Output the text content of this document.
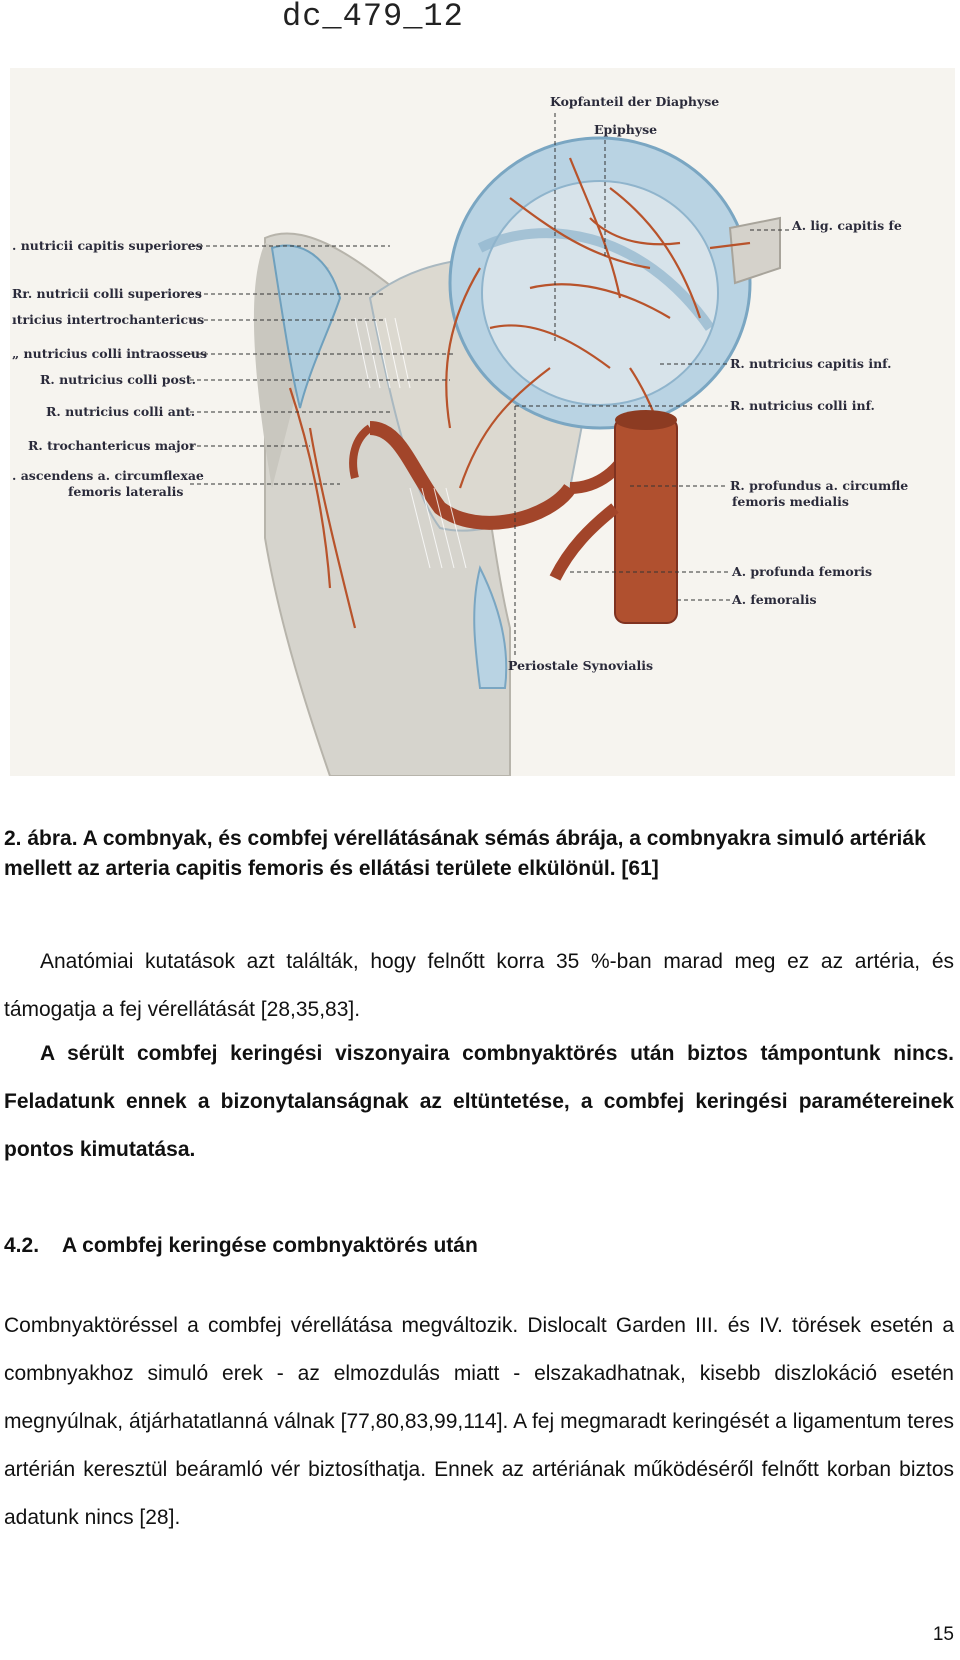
dc_479_12
. nutricii capitis superiores
Rr. nutricii colli superiores
ıtricius intertrochantericus
„ nutricius colli intraosseus
R. nutricius colli post.
R. nutricius colli ant.
R. trochantericus major
. ascendens a. circumflexae
femoris lateralis
Kopfanteil der Diaphyse
Epiphyse
A. lig. capitis fe
R. nutricius capitis inf.
R. nutricius colli inf.
R. profundus a. circumfle
femoris medialis
A. profunda femoris
A. femoralis
Periostale Synovialis
2. ábra. A combnyak, és combfej vérellátásának sémás ábrája, a combnyakra simuló artériák mellett az arteria capitis femoris és ellátási területe elkülönül. [61]
Anatómiai kutatások azt találták, hogy felnőtt korra 35 %-ban marad meg ez az artéria, és támogatja a fej vérellátását [28,35,83].
A sérült combfej keringési viszonyaira combnyaktörés után biztos támpontunk nincs. Feladatunk ennek a bizonytalanságnak az eltüntetése, a combfej keringési paramétereinek pontos kimutatása.
4.2. A combfej keringése combnyaktörés után
Combnyaktöréssel a combfej vérellátása megváltozik. Dislocalt Garden III. és IV. törések esetén a combnyakhoz simuló erek - az elmozdulás miatt - elszakadhatnak, kisebb diszlokáció esetén megnyúlnak, átjárhatatlanná válnak [77,80,83,99,114]. A fej megmaradt keringését a ligamentum teres artérián keresztül beáramló vér biztosíthatja. Ennek az artériának működéséről felnőtt korban biztos adatunk nincs [28].
15
